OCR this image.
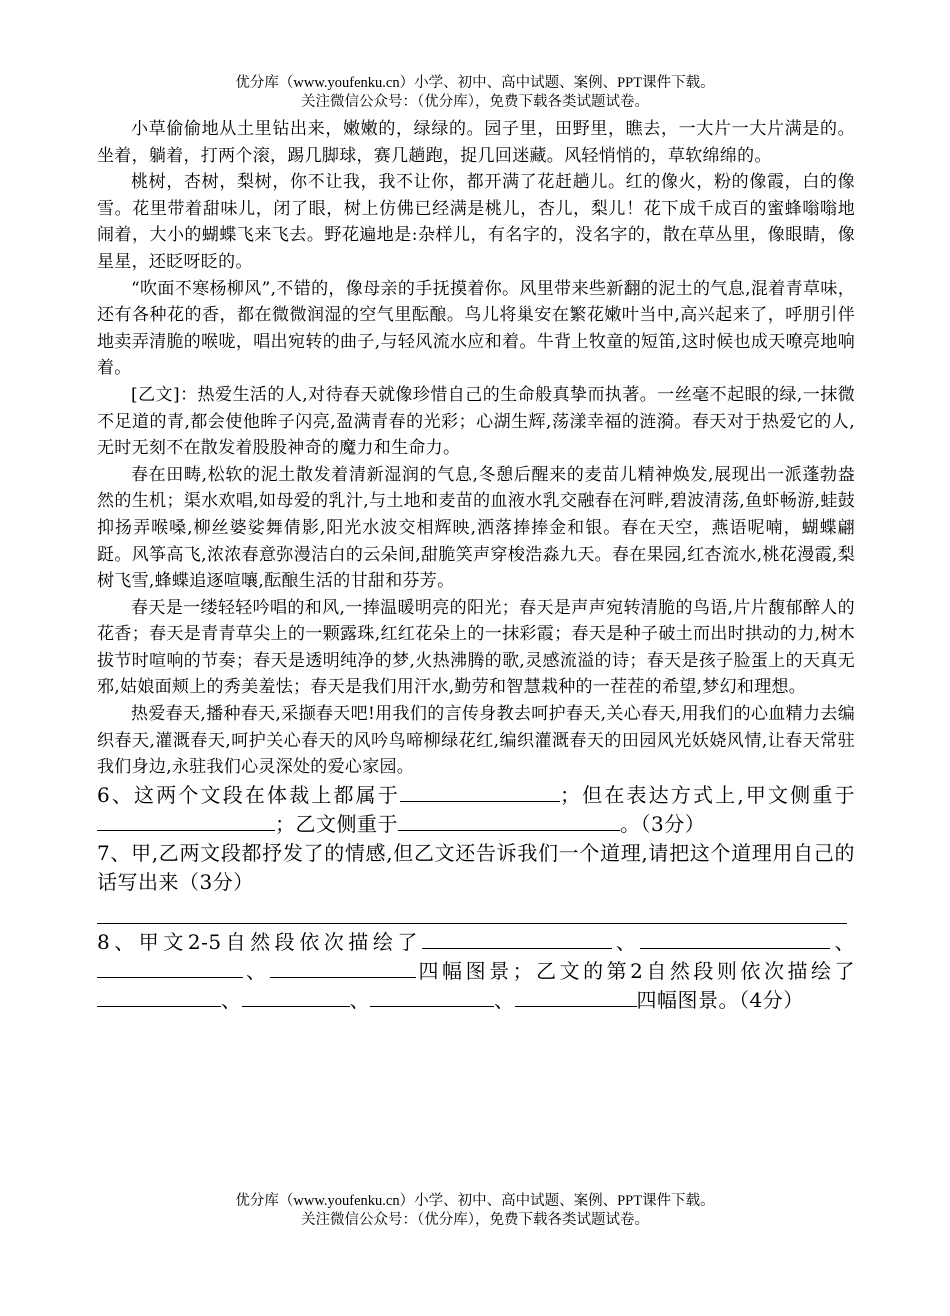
优分库（www.youfenku.cn）小学、初中、高中试题、案例、PPT课件下载。
关注微信公众号：（优分库），免费下载各类试题试卷。

小草偷偷地从土里钻出来，嫩嫩的，绿绿的。园子里，田野里，瞧去，一大片一大片满是的。坐着，躺着，打两个滚，踢几脚球，赛几趟跑，捉几回迷藏。风轻悄悄的，草软绵绵的。

桃树，杏树，梨树，你不让我，我不让你，都开满了花赶趟儿。红的像火，粉的像霞，白的像雪。花里带着甜味儿，闭了眼，树上仿佛已经满是桃儿，杏儿，梨儿！花下成千成百的蜜蜂嗡嗡地闹着，大小的蝴蝶飞来飞去。野花遍地是:杂样儿，有名字的，没名字的，散在草丛里，像眼睛，像星星，还眨呀眨的。

“吹面不寒杨柳风”,不错的，像母亲的手抚摸着你。风里带来些新翻的泥土的气息,混着青草味，还有各种花的香，都在微微润湿的空气里酝酿。鸟儿将巢安在繁花嫩叶当中,高兴起来了，呼朋引伴地卖弄清脆的喉咙，唱出宛转的曲子,与轻风流水应和着。牛背上牧童的短笛,这时候也成天嘹亮地响着。

[乙文]：热爱生活的人,对待春天就像珍惜自己的生命般真挚而执著。一丝毫不起眼的绿,一抹微不足道的青,都会使他眸子闪亮,盈满青春的光彩；心湖生辉,荡漾幸福的涟漪。春天对于热爱它的人,无时无刻不在散发着股股神奇的魔力和生命力。

春在田畴,松软的泥土散发着清新湿润的气息,冬憩后醒来的麦苗儿精神焕发,展现出一派蓬勃盎然的生机；渠水欢唱,如母爱的乳汁,与土地和麦苗的血液水乳交融春在河畔,碧波清荡,鱼虾畅游,蛙鼓抑扬弄喉嗓,柳丝婆娑舞倩影,阳光水波交相辉映,洒落捧捧金和银。春在天空，燕语呢喃，蝴蝶翩跹。风筝高飞,浓浓春意弥漫洁白的云朵间,甜脆笑声穿梭浩淼九天。春在果园,红杏流水,桃花漫霞,梨树飞雪,蜂蝶追逐喧嚷,酝酿生活的甘甜和芬芳。

春天是一缕轻轻吟唱的和风,一捧温暖明亮的阳光；春天是声声宛转清脆的鸟语,片片馥郁醉人的花香；春天是青青草尖上的一颗露珠,红红花朵上的一抹彩霞；春天是种子破土而出时拱动的力,树木拔节时喧响的节奏；春天是透明纯净的梦,火热沸腾的歌,灵感流溢的诗；春天是孩子脸蛋上的天真无邪,姑娘面颊上的秀美羞怯；春天是我们用汗水,勤劳和智慧栽种的一茬茬的希望,梦幻和理想。

热爱春天,播种春天,采撷春天吧!用我们的言传身教去呵护春天,关心春天,用我们的心血精力去编织春天,灌溉春天,呵护关心春天的风吟鸟啼柳绿花红,编织灌溉春天的田园风光妖娆风情,让春天常驻我们身边,永驻我们心灵深处的爱心家园。

6、这两个文段在体裁上都属于	；但在表达方式上,甲文侧重于；乙文侧重于	。（3分）

7、甲,乙两文段都抒发了的情感,但乙文还告诉我们一个道理,请把这个道理用自己的话写出来（3分）

8、甲文2-5自然段依次描绘了	、	、、	四幅图景；乙文的第2自然段则依次描绘了、	、	、	四幅图景。（4分）

优分库（www.youfenku.cn）小学、初中、高中试题、案例、PPT课件下载。
关注微信公众号：（优分库），免费下载各类试题试卷。
